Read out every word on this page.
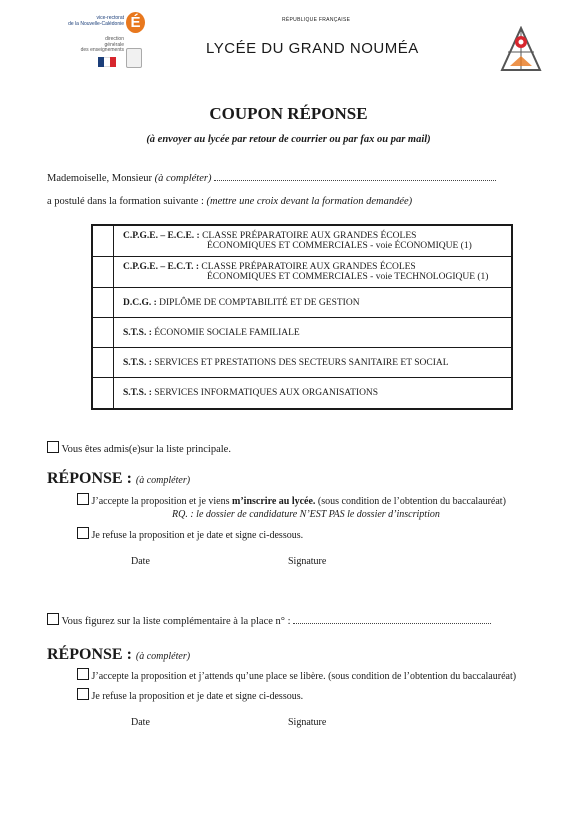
vice-rectorat
de la Nouvelle-Calédonie É
direction
générale
des enseignements
RÉPUBLIQUE FRANÇAISE
LYCÉE DU GRAND NOUMÉA
COUPON RÉPONSE
(à envoyer au lycée par retour de courrier ou par fax ou par mail)
Mademoiselle, Monsieur (à compléter)
a postulé dans la formation suivante : (mettre une croix devant la formation demandée)
C.P.G.E. – E.C.E. : CLASSE PRÉPARATOIRE AUX GRANDES ÉCOLES
ÉCONOMIQUES ET COMMERCIALES - voie ÉCONOMIQUE (1)
C.P.G.E. – E.C.T. : CLASSE PRÉPARATOIRE AUX GRANDES ÉCOLES
ÉCONOMIQUES ET COMMERCIALES - voie TECHNOLOGIQUE (1)
D.C.G. : DIPLÔME DE COMPTABILITÉ ET DE GESTION
S.T.S. : ÉCONOMIE SOCIALE FAMILIALE
S.T.S. : SERVICES ET PRESTATIONS DES SECTEURS SANITAIRE ET SOCIAL
S.T.S. : SERVICES INFORMATIQUES AUX ORGANISATIONS
Vous êtes admis(e)sur la liste principale.
RÉPONSE : (à compléter)
J’accepte la proposition et je viens m’inscrire au lycée. (sous condition de l’obtention du baccalauréat)
RQ. : le dossier de candidature N’EST PAS le dossier d’inscription
Je refuse la proposition et je date et signe ci-dessous.
Date	Signature
Vous figurez sur la liste complémentaire à la place n° :
RÉPONSE : (à compléter)
J’accepte la proposition et j’attends qu’une place se libère. (sous condition de l’obtention du baccalauréat)
Je refuse la proposition et je date et signe ci-dessous.
Date	Signature
